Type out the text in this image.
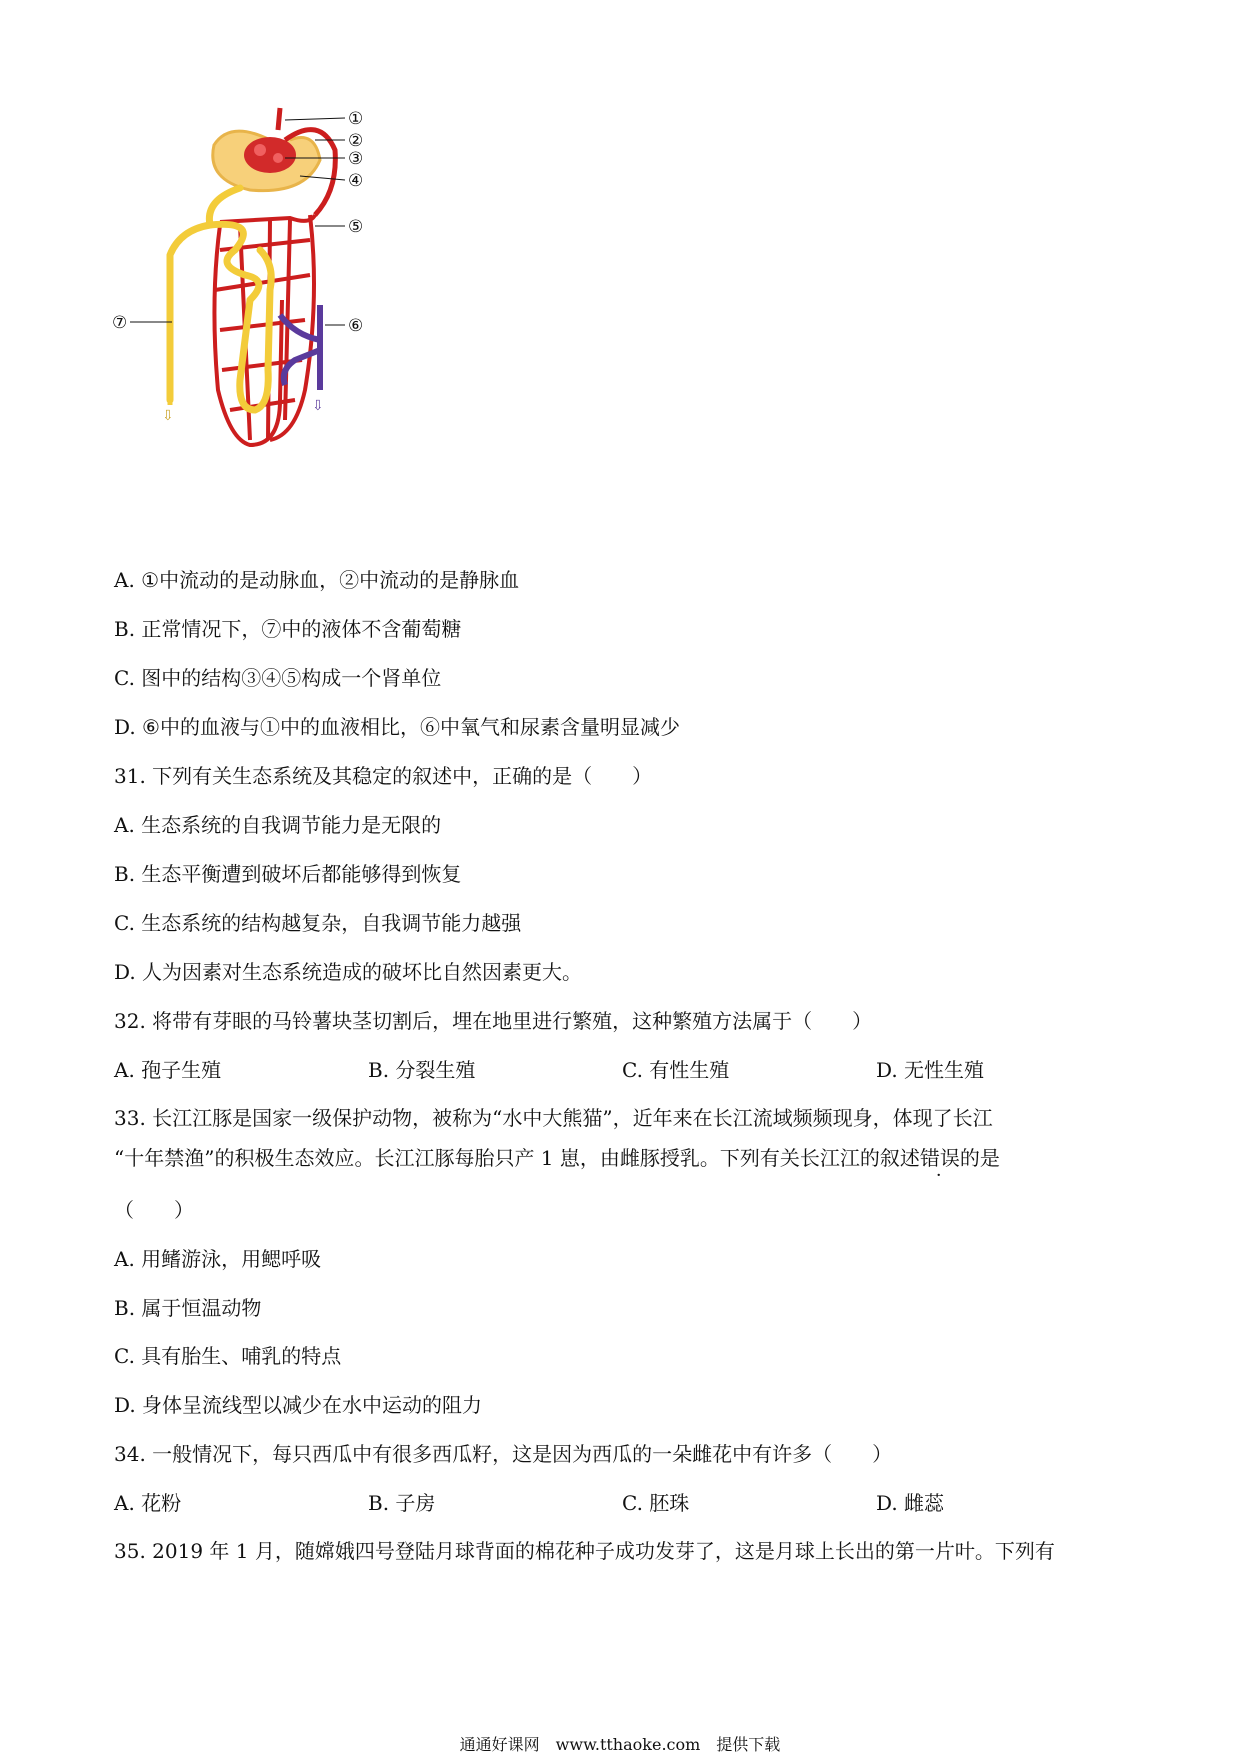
⇩
⇩
①
②
③
④
⑤
⑥
⑦
A. ①中流动的是动脉血，②中流动的是静脉血
B. 正常情况下，⑦中的液体不含葡萄糖
C. 图中的结构③④⑤构成一个肾单位
D. ⑥中的血液与①中的血液相比，⑥中氧气和尿素含量明显减少
31. 下列有关生态系统及其稳定的叙述中，正确的是（　　）
A. 生态系统的自我调节能力是无限的
B. 生态平衡遭到破坏后都能够得到恢复
C. 生态系统的结构越复杂，自我调节能力越强
D. 人为因素对生态系统造成的破坏比自然因素更大。
32. 将带有芽眼的马铃薯块茎切割后，埋在地里进行繁殖，这种繁殖方法属于（　　）
A. 孢子生殖	B. 分裂生殖	C. 有性生殖	D. 无性生殖
33. 长江江豚是国家一级保护动物，被称为“水中大熊猫”，近年来在长江流域频频现身，体现了长江
“十年禁渔”的积极生态效应。长江江豚每胎只产 1 崽，由雌豚授乳。下列有关长江江的叙述错误的是
（　　）
A. 用鳍游泳，用鳃呼吸
B. 属于恒温动物
C. 具有胎生、哺乳的特点
D. 身体呈流线型以减少在水中运动的阻力
34. 一般情况下，每只西瓜中有很多西瓜籽，这是因为西瓜的一朵雌花中有许多（　　）
A. 花粉	B. 子房	C. 胚珠	D. 雌蕊
35. 2019 年 1 月，随嫦娥四号登陆月球背面的棉花种子成功发芽了，这是月球上长出的第一片叶。下列有
通通好课网　www.tthaoke.com　提供下载
